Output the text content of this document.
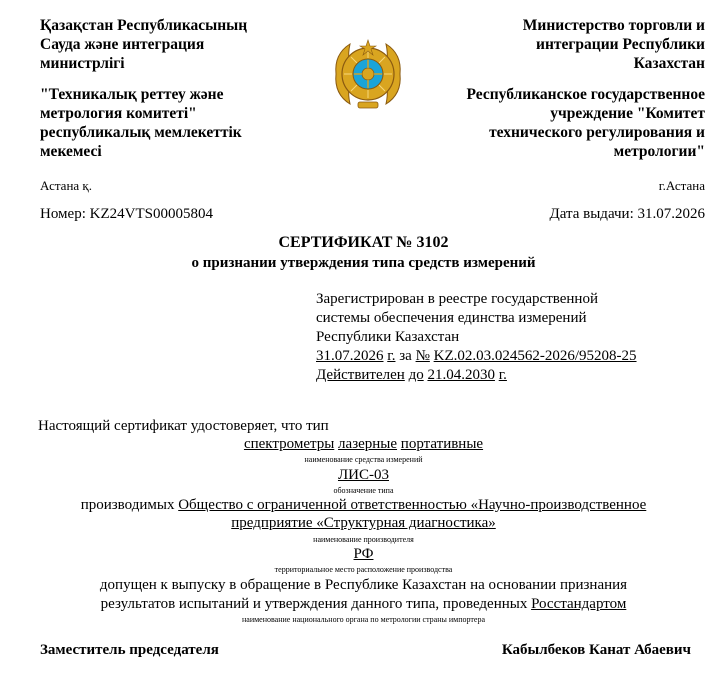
Қазақстан Республикасының
Сауда және интеграция
министрлігі
"Техникалық реттеу және
метрология комитеті"
республикалық мемлекеттік
мекемесі
Министерство торговли и
интеграции Республики
Казахстан
Республиканское государственное
учреждение "Комитет
технического регулирования и
метрологии"
Астана қ.	г.Астана
Номер: KZ24VTS00005804	Дата выдачи: 31.07.2026
СЕРТИФИКАТ № 3102
о признании утверждения типа средств измерений
Зарегистрирован в реестре государственной
системы обеспечения единства измерений
Республики Казахстан
31.07.2026 г. за № KZ.02.03.024562-2026/95208-25
Действителен до 21.04.2030 г.
Настоящий сертификат удостоверяет, что тип
спектрометры лазерные портативные
наименование средства измерений
ЛИС-03
обозначение типа
производимых Общество с ограниченной ответственностью «Научно-производственное
предприятие «Структурная диагностика»
наименование производителя
РФ
территориальное место расположение производства
допущен к выпуску в обращение в Республике Казахстан на основании признания
результатов испытаний и утверждения данного типа, проведенных Росстандартом
наименование национального органа по метрологии страны импортера
Заместитель председателя	Кабылбеков Канат Абаевич
